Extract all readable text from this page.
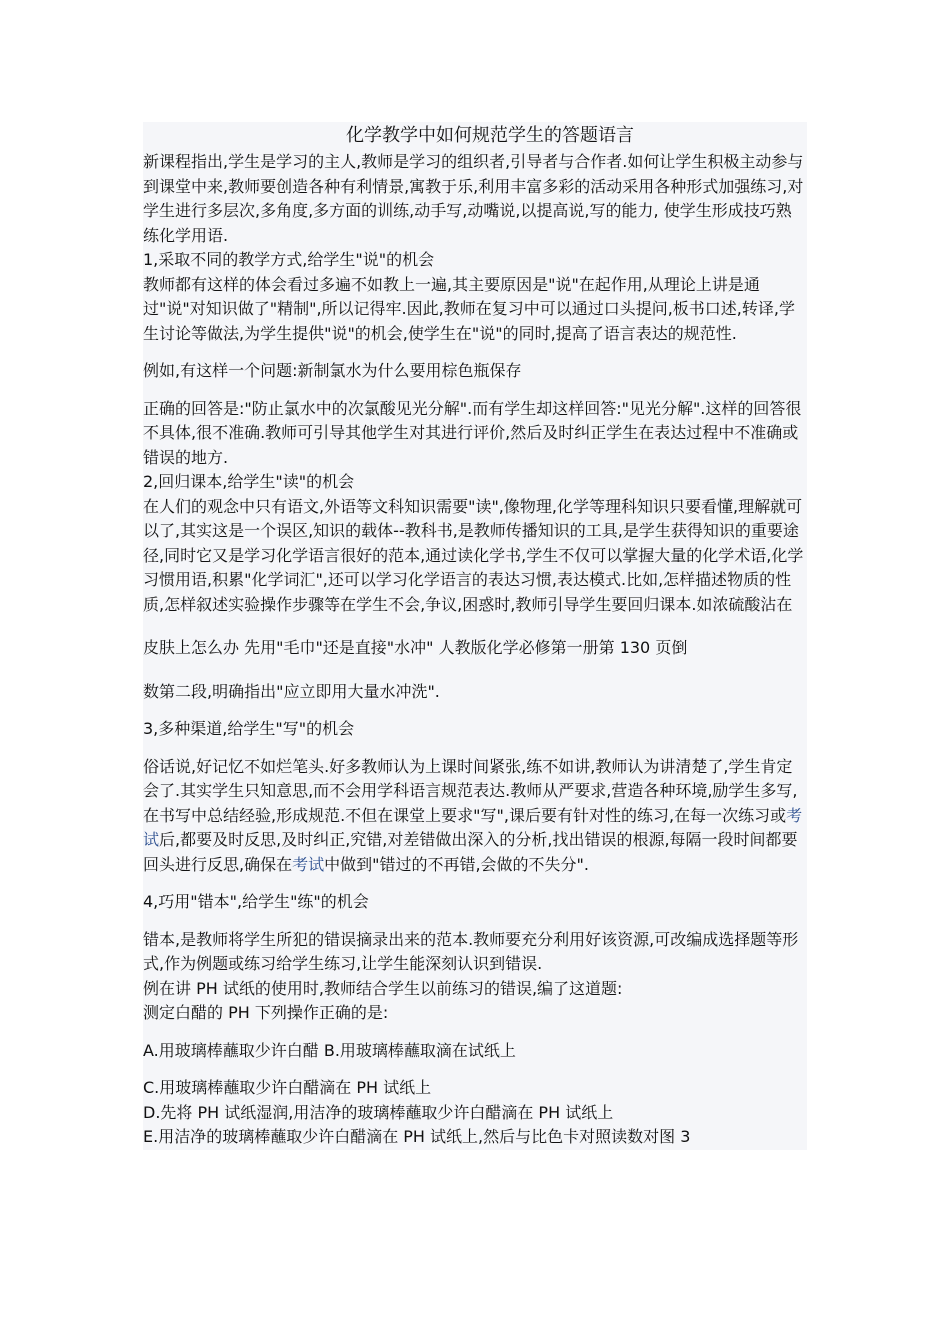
化学教学中如何规范学生的答题语言

新课程指出,学生是学习的主人,教师是学习的组织者,引导者与合作者.如何让学生积极主动参与到课堂中来,教师要创造各种有利情景,寓教于乐,利用丰富多彩的活动采用各种形式加强练习,对学生进行多层次,多角度,多方面的训练,动手写,动嘴说,以提高说,写的能力, 使学生形成技巧熟练化学用语.

1,采取不同的教学方式,给学生"说"的机会

教师都有这样的体会看过多遍不如教上一遍,其主要原因是"说"在起作用,从理论上讲是通过"说"对知识做了"精制",所以记得牢.因此,教师在复习中可以通过口头提问,板书口述,转译,学生讨论等做法,为学生提供"说"的机会,使学生在"说"的同时,提高了语言表达的规范性.

例如,有这样一个问题:新制氯水为什么要用棕色瓶保存

正确的回答是:"防止氯水中的次氯酸见光分解".而有学生却这样回答:"见光分解".这样的回答很不具体,很不准确.教师可引导其他学生对其进行评价,然后及时纠正学生在表达过程中不准确或错误的地方.

2,回归课本,给学生"读"的机会

在人们的观念中只有语文,外语等文科知识需要"读",像物理,化学等理科知识只要看懂,理解就可以了,其实这是一个误区,知识的载体--教科书,是教师传播知识的工具,是学生获得知识的重要途径,同时它又是学习化学语言很好的范本,通过读化学书,学生不仅可以掌握大量的化学术语,化学习惯用语,积累"化学词汇",还可以学习化学语言的表达习惯,表达模式.比如,怎样描述物质的性质,怎样叙述实验操作步骤等在学生不会,争议,困惑时,教师引导学生要回归课本.如浓硫酸沾在

皮肤上怎么办 先用"毛巾"还是直接"水冲" 人教版化学必修第一册第 130 页倒

数第二段,明确指出"应立即用大量水冲洗".

3,多种渠道,给学生"写"的机会

俗话说,好记忆不如烂笔头.好多教师认为上课时间紧张,练不如讲,教师认为讲清楚了,学生肯定会了.其实学生只知意思,而不会用学科语言规范表达.教师从严要求,营造各种环境,励学生多写,在书写中总结经验,形成规范.不但在课堂上要求"写",课后要有针对性的练习,在每一次练习或考试后,都要及时反思,及时纠正,究错,对差错做出深入的分析,找出错误的根源,每隔一段时间都要回头进行反思,确保在考试中做到"错过的不再错,会做的不失分".

4,巧用"错本",给学生"练"的机会

错本,是教师将学生所犯的错误摘录出来的范本.教师要充分利用好该资源,可改编成选择题等形式,作为例题或练习给学生练习,让学生能深刻认识到错误.

例在讲 PH 试纸的使用时,教师结合学生以前练习的错误,编了这道题:

测定白醋的 PH 下列操作正确的是:

A.用玻璃棒蘸取少许白醋 B.用玻璃棒蘸取滴在试纸上

C.用玻璃棒蘸取少许白醋滴在 PH 试纸上

D.先将 PH 试纸湿润,用洁净的玻璃棒蘸取少许白醋滴在 PH 试纸上

E.用洁净的玻璃棒蘸取少许白醋滴在 PH 试纸上,然后与比色卡对照读数对图 3
